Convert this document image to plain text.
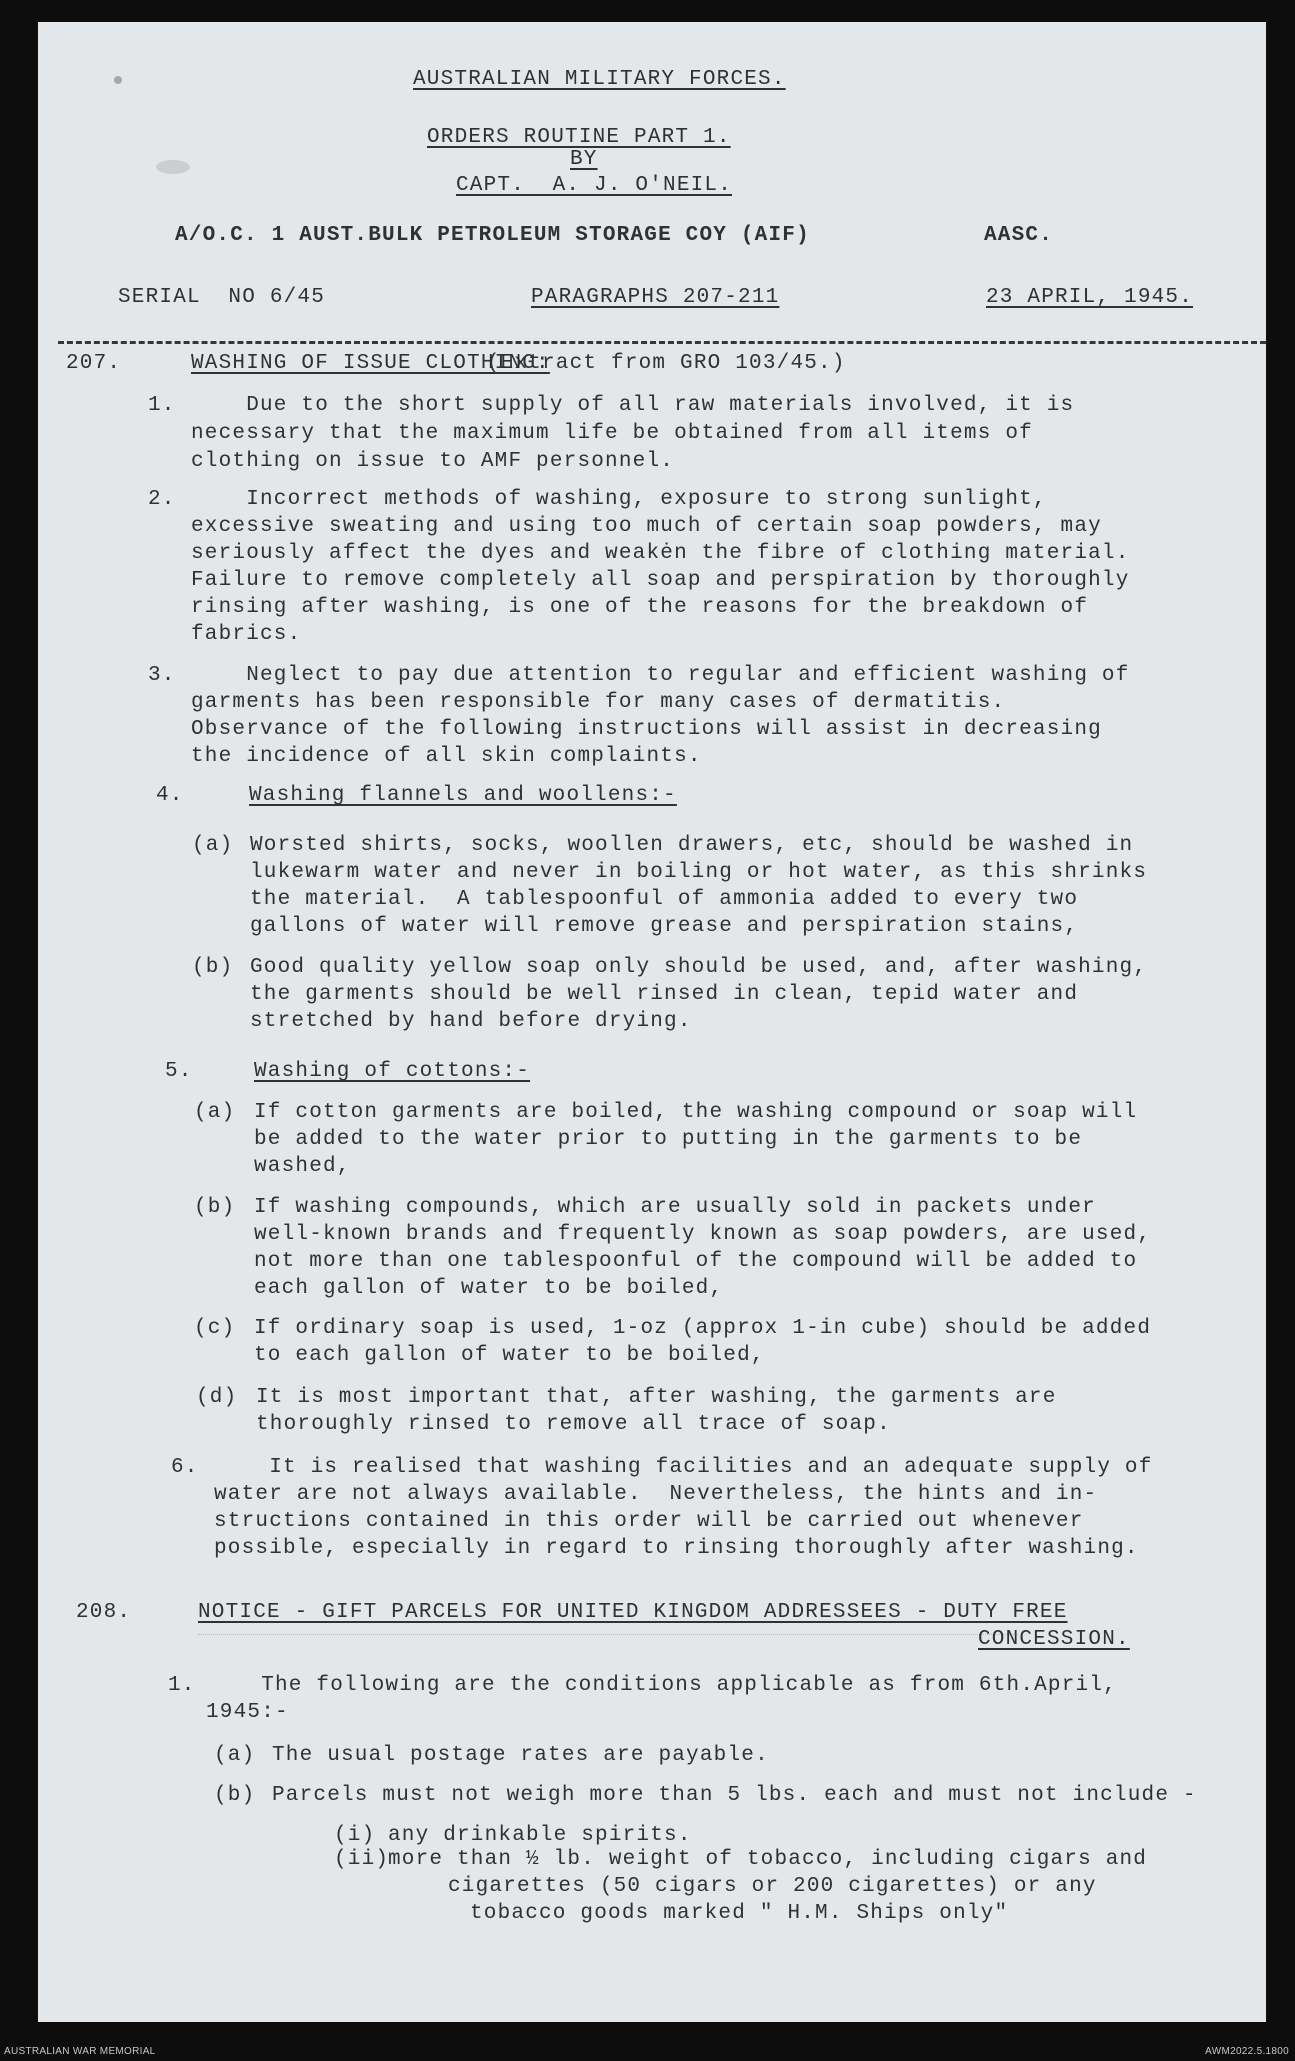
AUSTRALIAN MILITARY FORCES.
ORDERS ROUTINE PART 1.
BY
CAPT.  A. J. O'NEIL.
A/O.C. 1 AUST.BULK PETROLEUM STORAGE COY (AIF)	AASC.
SERIAL  NO 6/45	PARAGRAPHS 207-211	23 APRIL, 1945.
207.	WASHING OF ISSUE CLOTHING:
(Extract from GRO 103/45.)
1. Due to the short supply of all raw materials involved, it is
necessary that the maximum life be obtained from all items of
clothing on issue to AMF personnel.
2. Incorrect methods of washing, exposure to strong sunlight,
excessive sweating and using too much of certain soap powders, may
seriously affect the dyes and weakėn the fibre of clothing material.
Failure to remove completely all soap and perspiration by thoroughly
rinsing after washing, is one of the reasons for the breakdown of
fabrics.
3. Neglect to pay due attention to regular and efficient washing of
garments has been responsible for many cases of dermatitis.
Observance of the following instructions will assist in decreasing
the incidence of all skin complaints.
4.	Washing flannels and woollens:-
(a) Worsted shirts, socks, woollen drawers, etc, should be washed in
lukewarm water and never in boiling or hot water, as this shrinks
the material.  A tablespoonful of ammonia added to every two
gallons of water will remove grease and perspiration stains,
(b) Good quality yellow soap only should be used, and, after washing,
the garments should be well rinsed in clean, tepid water and
stretched by hand before drying.
5.	Washing of cottons:-
(a) If cotton garments are boiled, the washing compound or soap will
be added to the water prior to putting in the garments to be
washed,
(b) If washing compounds, which are usually sold in packets under
well-known brands and frequently known as soap powders, are used,
not more than one tablespoonful of the compound will be added to
each gallon of water to be boiled,
(c) If ordinary soap is used, 1-oz (approx 1-in cube) should be added
to each gallon of water to be boiled,
(d) It is most important that, after washing, the garments are
thoroughly rinsed to remove all trace of soap.
6. It is realised that washing facilities and an adequate supply of
water are not always available.  Nevertheless, the hints and in-
structions contained in this order will be carried out whenever
possible, especially in regard to rinsing thoroughly after washing.
208.	NOTICE - GIFT PARCELS FOR UNITED KINGDOM ADDRESSEES - DUTY FREE
CONCESSION.
1. The following are the conditions applicable as from 6th.April,
1945:-
(a) The usual postage rates are payable.
(b) Parcels must not weigh more than 5 lbs. each and must not include -
(i) any drinkable spirits.
(ii)
more than ½ lb. weight of tobacco, including cigars and
cigarettes (50 cigars or 200 cigarettes) or any
tobacco goods marked " H.M. Ships only"
AUSTRALIAN WAR MEMORIAL	AWM2022.5.1800
